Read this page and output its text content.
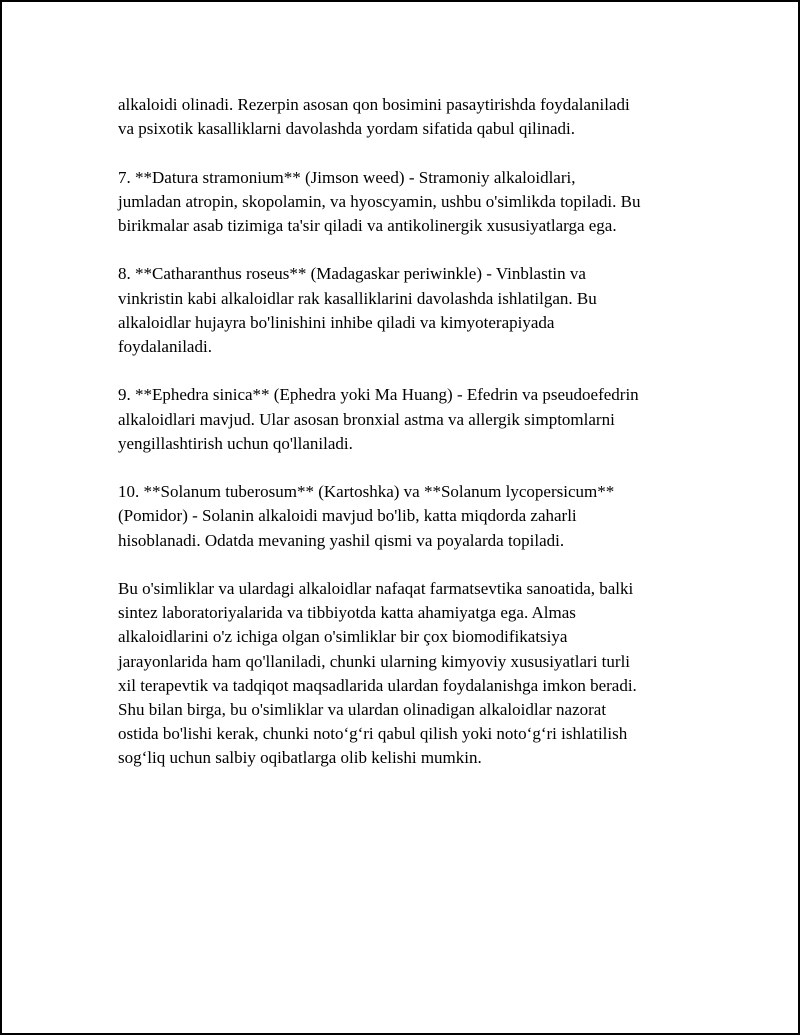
alkaloidi olinadi. Rezerpin asosan qon bosimini pasaytirishda foydalaniladi
va psixotik kasalliklarni davolashda yordam sifatida qabul qilinadi.

7. **Datura stramonium** (Jimson weed) - Stramoniy alkaloidlari,
jumladan atropin, skopolamin, va hyoscyamin, ushbu o'simlikda topiladi. Bu
birikmalar asab tizimiga ta'sir qiladi va antikolinergik xususiyatlarga ega.

8. **Catharanthus roseus** (Madagaskar periwinkle) - Vinblastin va
vinkristin kabi alkaloidlar rak kasalliklarini davolashda ishlatilgan. Bu
alkaloidlar hujayra bo'linishini inhibe qiladi va kimyoterapiyada
foydalaniladi.

9. **Ephedra sinica** (Ephedra yoki Ma Huang) - Efedrin va pseudoefedrin
alkaloidlari mavjud. Ular asosan bronxial astma va allergik simptomlarni
yengillashtirish uchun qo'llaniladi.

10. **Solanum tuberosum** (Kartoshka) va **Solanum lycopersicum**
(Pomidor) - Solanin alkaloidi mavjud bo'lib, katta miqdorda zaharli
hisoblanadi. Odatda mevaning yashil qismi va poyalarda topiladi.

Bu o'simliklar va ulardagi alkaloidlar nafaqat farmatsevtika sanoatida, balki
sintez laboratoriyalarida va tibbiyotda katta ahamiyatga ega. Almas
alkaloidlarini o'z ichiga olgan o'simliklar bir çox biomodifikatsiya
jarayonlarida ham qo'llaniladi, chunki ularning kimyoviy xususiyatlari turli
xil terapevtik va tadqiqot maqsadlarida ulardan foydalanishga imkon beradi.
Shu bilan birga, bu o'simliklar va ulardan olinadigan alkaloidlar nazorat
ostida bo'lishi kerak, chunki noto‘g‘ri qabul qilish yoki noto‘g‘ri ishlatilish
sog‘liq uchun salbiy oqibatlarga olib kelishi mumkin.
